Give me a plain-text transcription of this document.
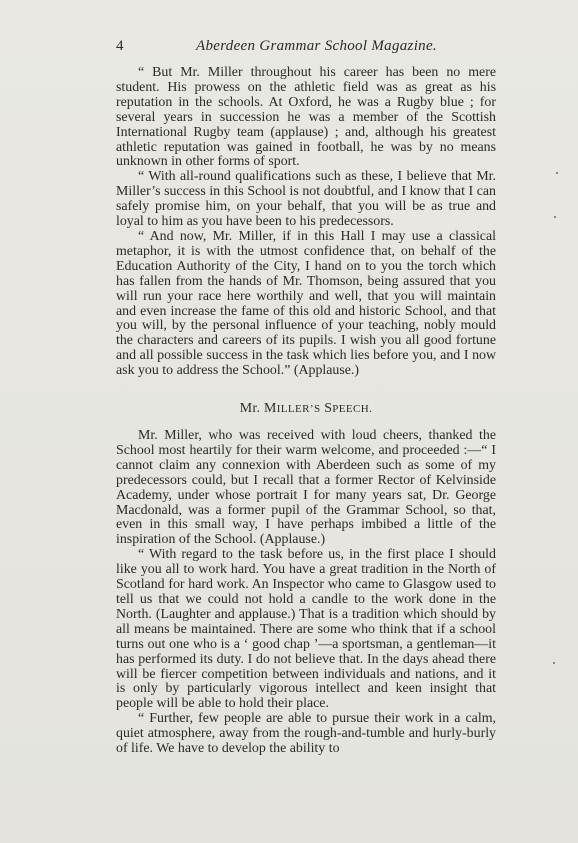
4	Aberdeen Grammar School Magazine.

“ But Mr. Miller throughout his career has been no mere student. His prowess on the athletic field was as great as his reputation in the schools. At Oxford, he was a Rugby blue ; for several years in succession he was a member of the Scottish International Rugby team (applause) ; and, although his greatest athletic reputation was gained in football, he was by no means unknown in other forms of sport.

“ With all-round qualifications such as these, I believe that Mr. Miller’s success in this School is not doubtful, and I know that I can safely promise him, on your behalf, that you will be as true and loyal to him as you have been to his predecessors.

“ And now, Mr. Miller, if in this Hall I may use a classical metaphor, it is with the utmost confidence that, on behalf of the Education Authority of the City, I hand on to you the torch which has fallen from the hands of Mr. Thomson, being assured that you will run your race here worthily and well, that you will maintain and even increase the fame of this old and historic School, and that you will, by the personal influence of your teaching, nobly mould the characters and careers of its pupils. I wish you all good fortune and all possible success in the task which lies before you, and I now ask you to address the School.” (Applause.)

Mr. MILLER’S SPEECH.

Mr. Miller, who was received with loud cheers, thanked the School most heartily for their warm welcome, and proceeded :—“ I cannot claim any connexion with Aberdeen such as some of my predecessors could, but I recall that a former Rector of Kelvinside Academy, under whose portrait I for many years sat, Dr. George Macdonald, was a former pupil of the Grammar School, so that, even in this small way, I have perhaps imbibed a little of the inspiration of the School. (Applause.)

“ With regard to the task before us, in the first place I should like you all to work hard. You have a great tradition in the North of Scotland for hard work. An Inspector who came to Glasgow used to tell us that we could not hold a candle to the work done in the North. (Laughter and applause.) That is a tradition which should by all means be maintained. There are some who think that if a school turns out one who is a ‘ good chap ’—a sportsman, a gentleman—it has performed its duty. I do not believe that. In the days ahead there will be fiercer competition between individuals and nations, and it is only by particularly vigorous intellect and keen insight that people will be able to hold their place.

“ Further, few people are able to pursue their work in a calm, quiet atmosphere, away from the rough-and-tumble and hurly-burly of life. We have to develop the ability to
